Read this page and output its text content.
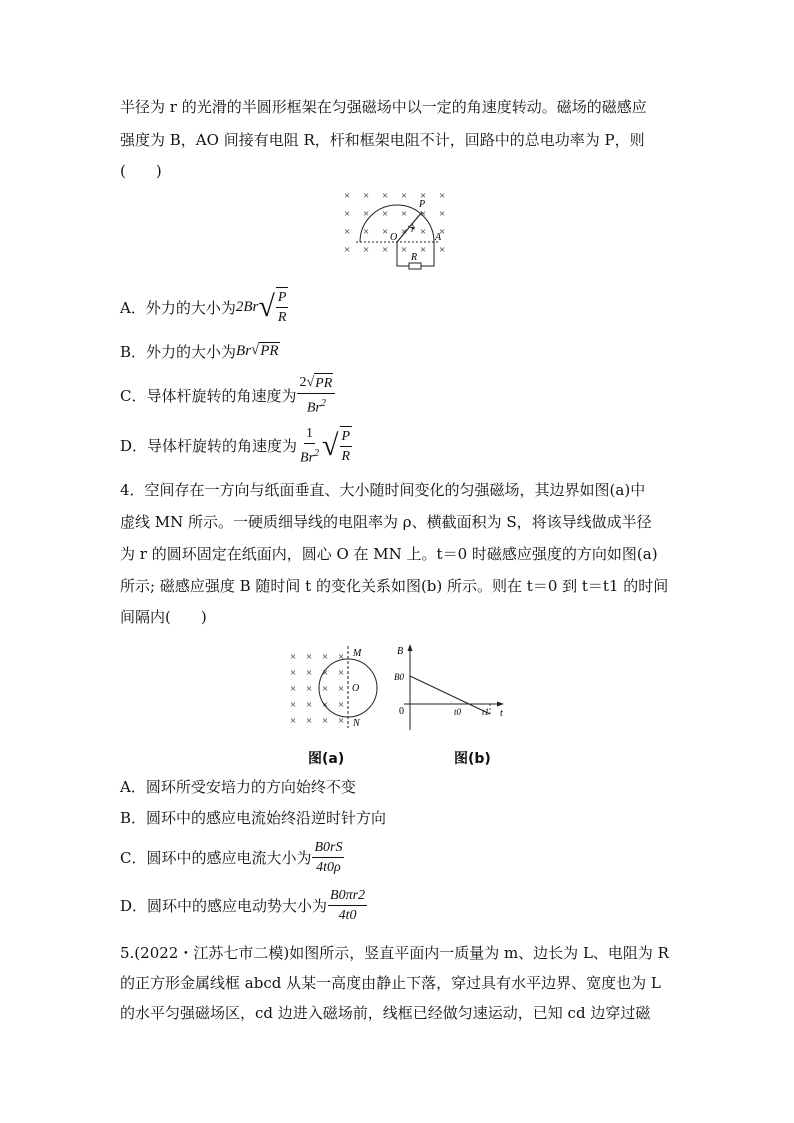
半径为 r 的光滑的半圆形框架在匀强磁场中以一定的角速度转动。磁场的磁感应
强度为 B，AO 间接有电阻 R，杆和框架电阻不计，回路中的总电功率为 P，则
(　　)
× × × × × ×
× × × × × ×
× × × × × ×
× × × × × ×
P
O
r
A
R
A．外力的大小为 2Br √ $\frac{P}{R}$
B．外力的大小为 Br √ PR
C．导体杆旋转的角速度为 $\frac{2 √ PR}{Br^2}$
D．导体杆旋转的角速度为 $\frac{1}{Br^2}$ √ $\frac{P}{R}$
4．空间存在一方向与纸面垂直、大小随时间变化的匀强磁场，其边界如图(a)中
虚线 MN 所示。一硬质细导线的电阻率为 ρ、横截面积为 S，将该导线做成半径
为 r 的圆环固定在纸面内，圆心 O 在 MN 上。t＝0 时磁感应强度的方向如图(a)
所示; 磁感应强度 B 随时间 t 的变化关系如图(b) 所示。则在 t＝0 到 t＝t1 的时间
间隔内(　　)
× × × ×
× × × ×
× × × ×
× × × ×
× × × ×
M
N
O
图(a)
B
B0
0	t0 t1 t
图(b)
A．圆环所受安培力的方向始终不变
B．圆环中的感应电流始终沿逆时针方向
C．圆环中的感应电流大小为 $\frac{B0rS}{4t0\rho}$
D．圆环中的感应电动势大小为 $\frac{B0\pi r2}{4t0}$
5.(2022・江苏七市二模)如图所示，竖直平面内一质量为 m、边长为 L、电阻为 R
的正方形金属线框 abcd 从某一高度由静止下落，穿过具有水平边界、宽度也为 L
的水平匀强磁场区，cd 边进入磁场前，线框已经做匀速运动，已知 cd 边穿过磁
